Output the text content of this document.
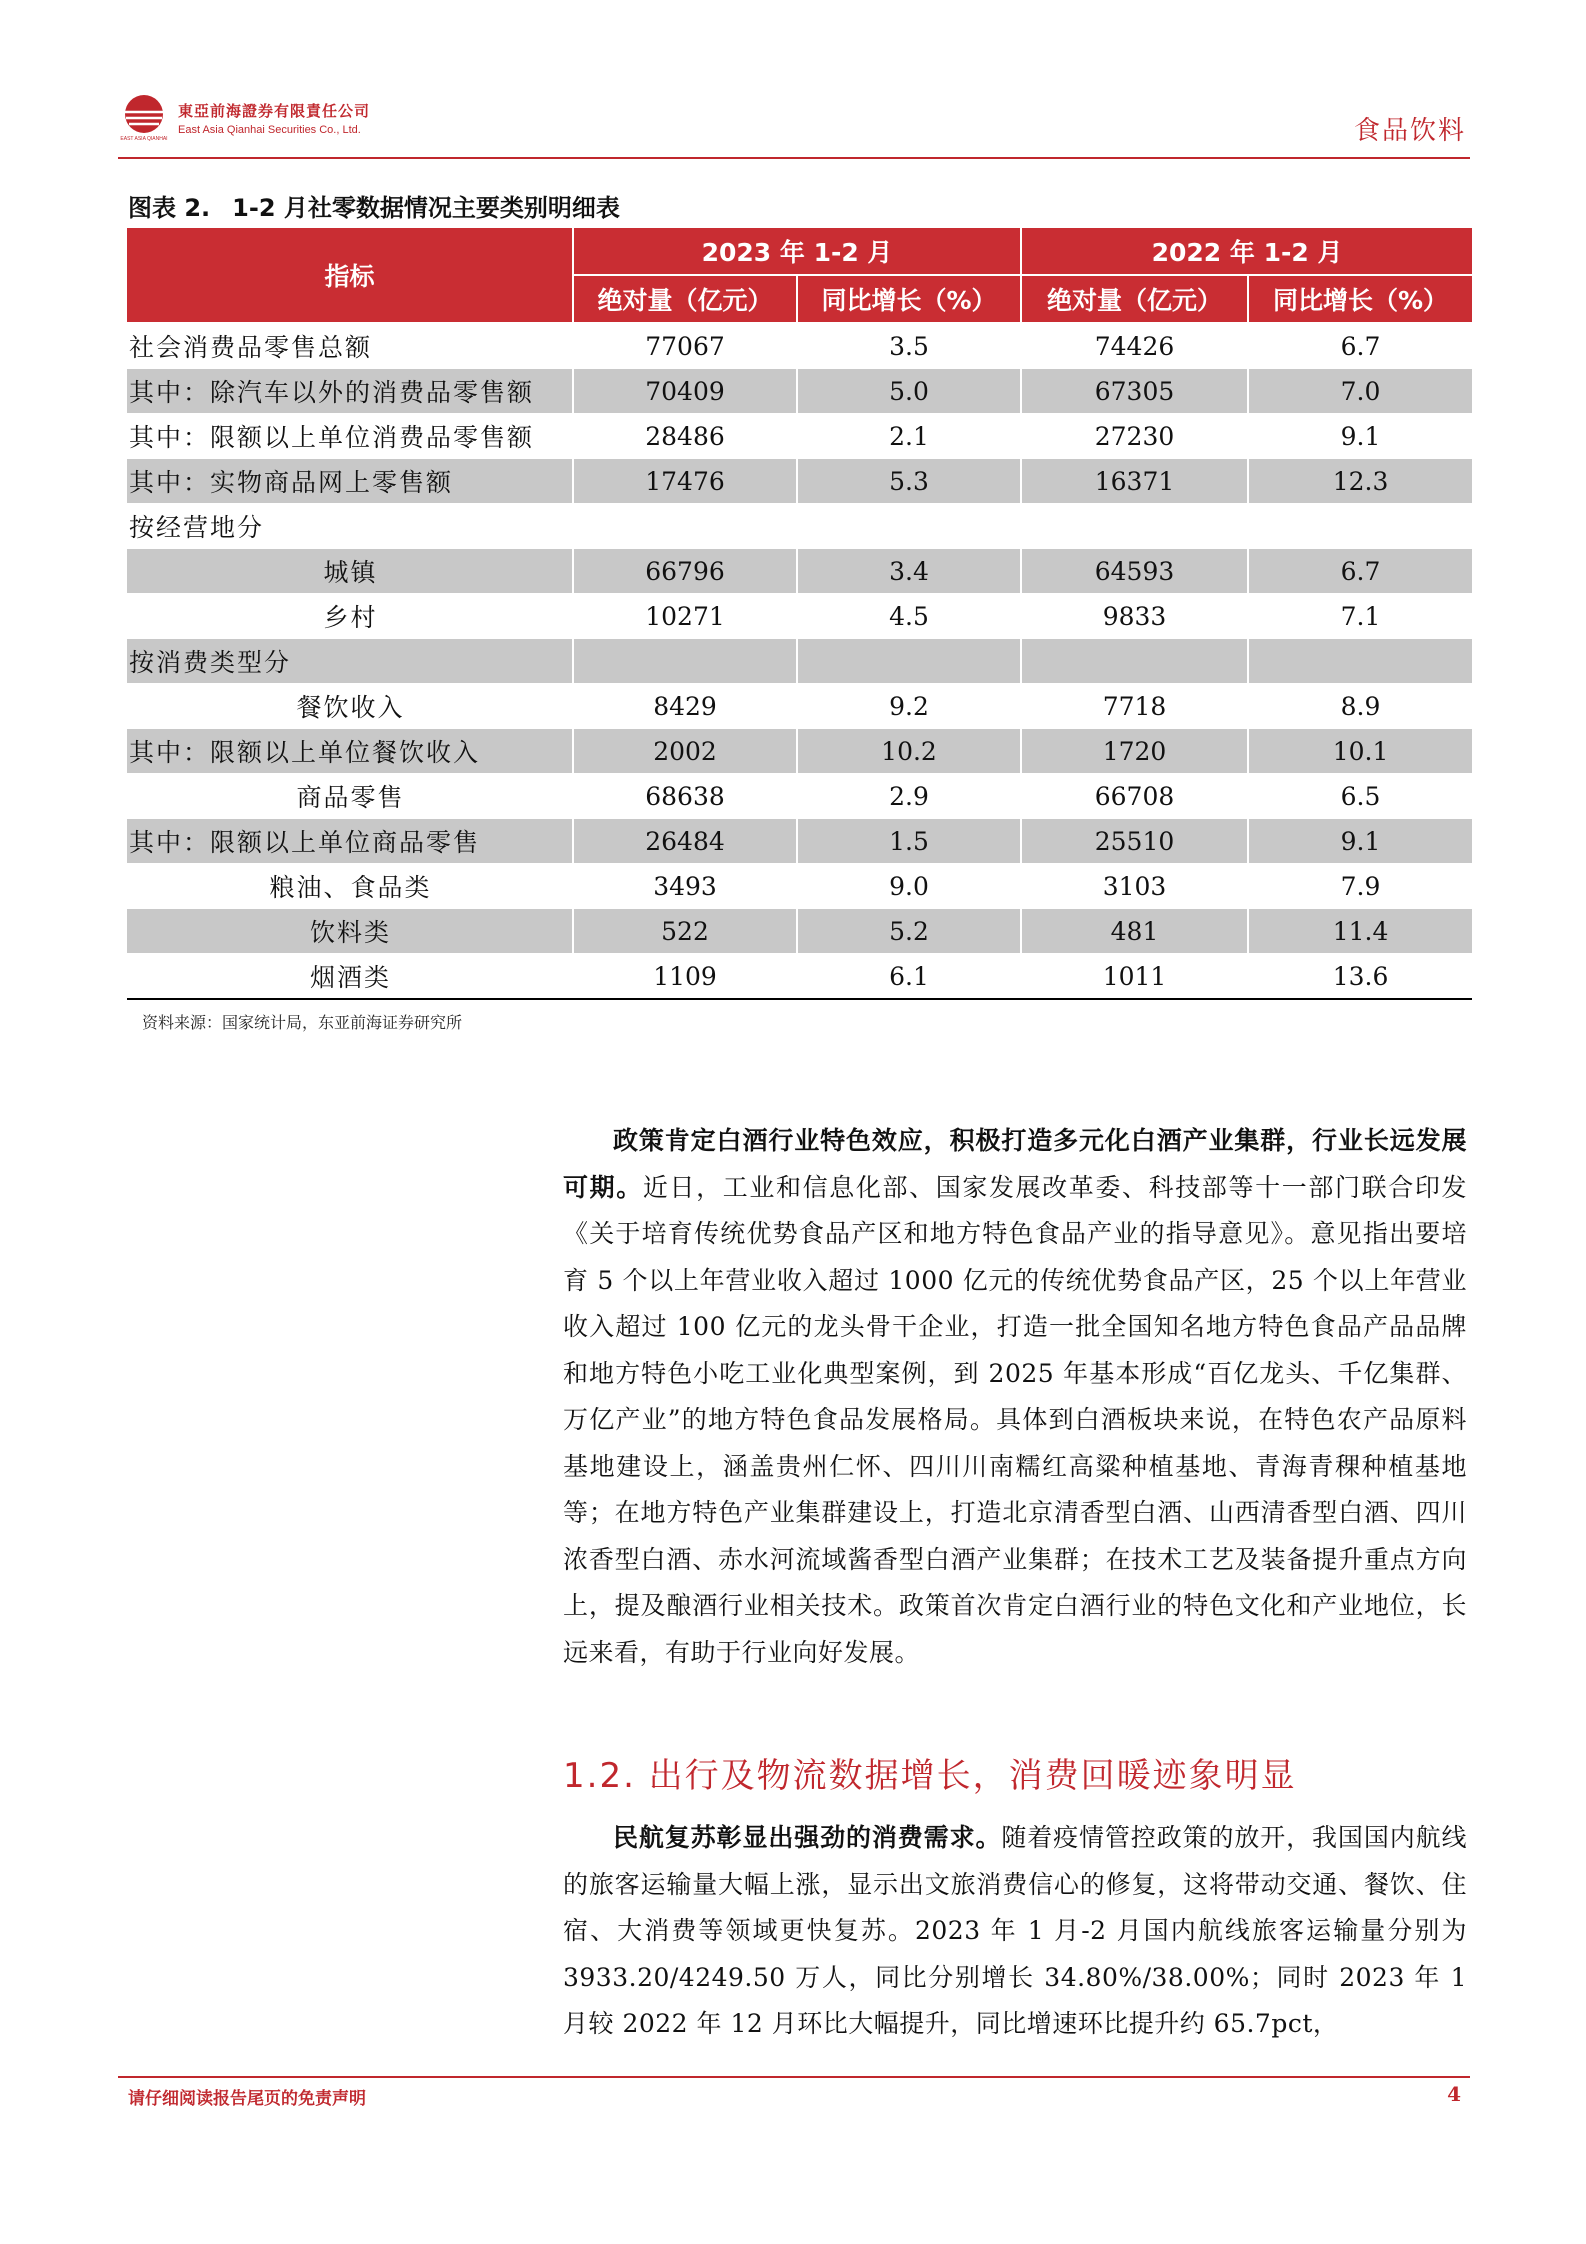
EAST ASIA QIANHAI
東亞前海證券有限責任公司
East Asia Qianhai Securities Co., Ltd.	食品饮料
图表 2. 1-2 月社零数据情况主要类别明细表
指标	2023 年 1-2 月		2022 年 1-2 月	
	绝对量（亿元）	同比增长（%）	绝对量（亿元）	同比增长（%）
社会消费品零售总额	77067	3.5	74426	6.7
其中：除汽车以外的消费品零售额	70409	5.0	67305	7.0
其中：限额以上单位消费品零售额	28486	2.1	27230	9.1
其中：实物商品网上零售额	17476	5.3	16371	12.3
按经营地分				
城镇	66796	3.4	64593	6.7
乡村	10271	4.5	9833	7.1
按消费类型分				
餐饮收入	8429	9.2	7718	8.9
其中：限额以上单位餐饮收入	2002	10.2	1720	10.1
商品零售	68638	2.9	66708	6.5
其中：限额以上单位商品零售	26484	1.5	25510	9.1
粮油、食品类	3493	9.0	3103	7.9
饮料类	522	5.2	481	11.4
烟酒类	1109	6.1	1011	13.6
资料来源：国家统计局，东亚前海证券研究所
政策肯定白酒行业特色效应，积极打造多元化白酒产业集群，行业长远发展可期。近日，工业和信息化部、国家发展改革委、科技部等十一部门联合印发《关于培育传统优势食品产区和地方特色食品产业的指导意见》。意见指出要培育 5 个以上年营业收入超过 1000 亿元的传统优势食品产区，25 个以上年营业收入超过 100 亿元的龙头骨干企业，打造一批全国知名地方特色食品产品品牌和地方特色小吃工业化典型案例，到 2025 年基本形成“百亿龙头、千亿集群、万亿产业”的地方特色食品发展格局。具体到白酒板块来说，在特色农产品原料基地建设上，涵盖贵州仁怀、四川川南糯红高粱种植基地、青海青稞种植基地等；在地方特色产业集群建设上，打造北京清香型白酒、山西清香型白酒、四川浓香型白酒、赤水河流域酱香型白酒产业集群；在技术工艺及装备提升重点方向上，提及酿酒行业相关技术。政策首次肯定白酒行业的特色文化和产业地位，长远来看，有助于行业向好发展。
1.2. 出行及物流数据增长，消费回暖迹象明显
民航复苏彰显出强劲的消费需求。随着疫情管控政策的放开，我国国内航线的旅客运输量大幅上涨，显示出文旅消费信心的修复，这将带动交通、餐饮、住宿、大消费等领域更快复苏。2023 年 1 月-2 月国内航线旅客运输量分别为 3933.20/4249.50 万人，同比分别增长 34.80%/38.00%；同时 2023 年 1 月较 2022 年 12 月环比大幅提升，同比增速环比提升约 65.7pct，
请仔细阅读报告尾页的免责声明	4
